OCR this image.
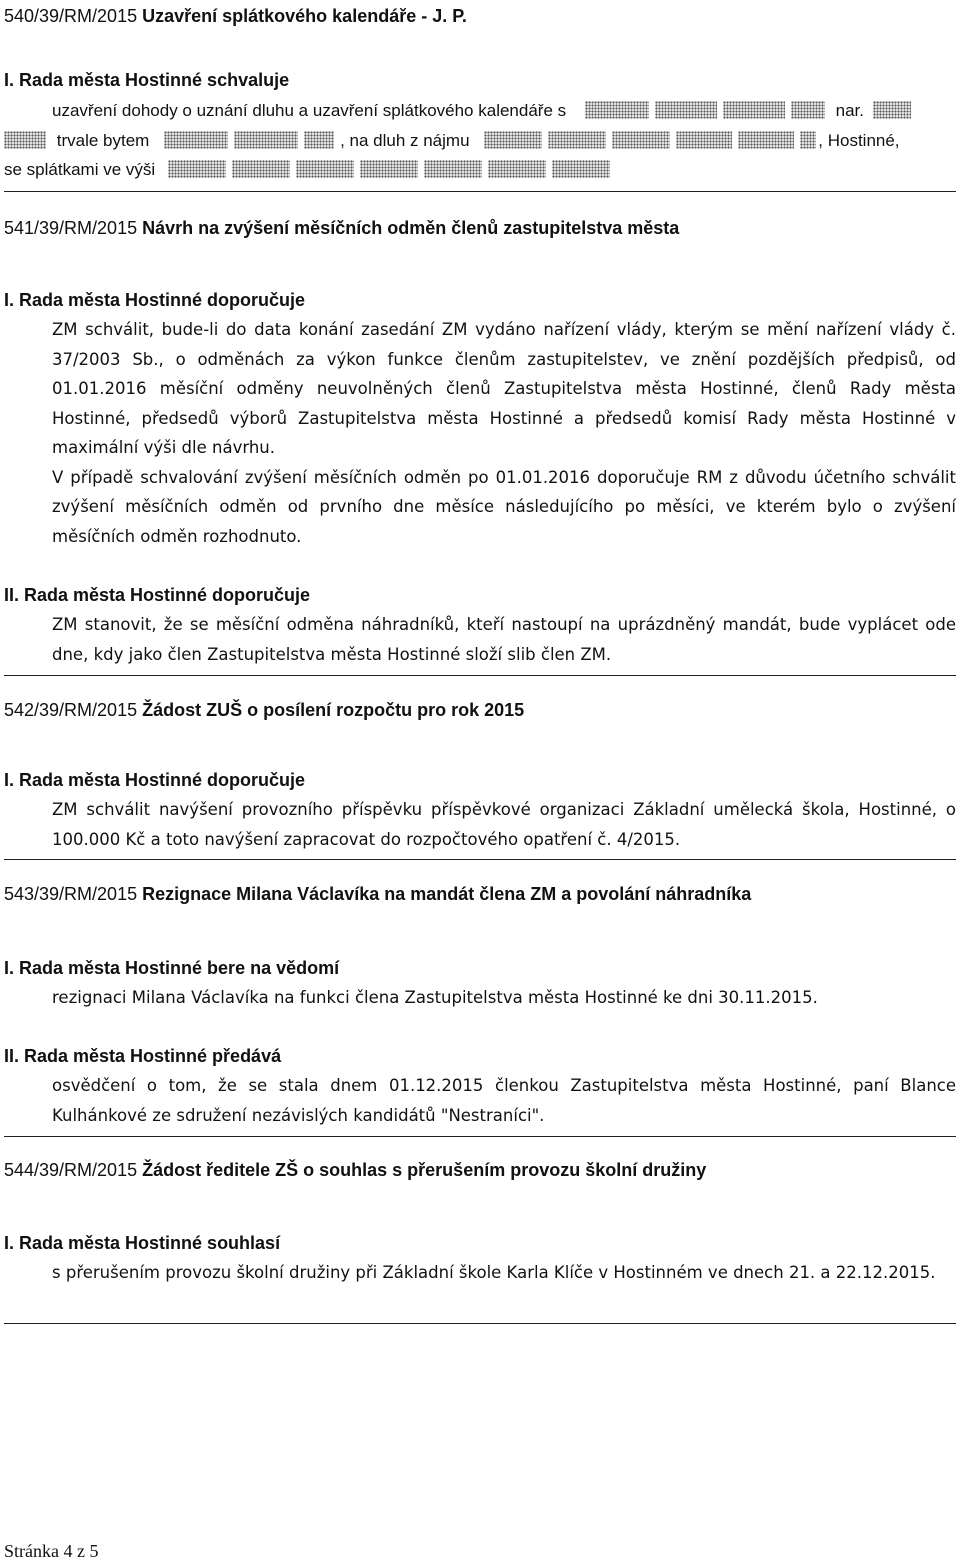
540/39/RM/2015 Uzavření splátkového kalendáře - J. P.
I. Rada města Hostinné schvaluje
uzavření dohody o uznání dluhu a uzavření splátkového kalendáře s	nar.
trvale bytem	, na dluh z nájmu	, Hostinné,
se splátkami ve výši
541/39/RM/2015 Návrh na zvýšení měsíčních odměn členů zastupitelstva města
I. Rada města Hostinné doporučuje

ZM schválit, bude-li do data konání zasedání ZM vydáno nařízení vlády, kterým se mění nařízení vlády č. 37/2003 Sb., o odměnách za výkon funkce členům zastupitelstev, ve znění pozdějších předpisů, od 01.01.2016 měsíční odměny neuvolněných členů Zastupitelstva města Hostinné, členů Rady města Hostinné, předsedů výborů Zastupitelstva města Hostinné a předsedů komisí Rady města Hostinné v maximální výši dle návrhu.

V případě schvalování zvýšení měsíčních odměn po 01.01.2016 doporučuje RM z důvodu účetního schválit zvýšení měsíčních odměn od prvního dne měsíce následujícího po měsíci, ve kterém bylo o zvýšení měsíčních odměn rozhodnuto.

II. Rada města Hostinné doporučuje

ZM stanovit, že se měsíční odměna náhradníků, kteří nastoupí na uprázdněný mandát, bude vyplácet ode dne, kdy jako člen Zastupitelstva města Hostinné složí slib člen ZM.

542/39/RM/2015 Žádost ZUŠ o posílení rozpočtu pro rok 2015
I. Rada města Hostinné doporučuje

ZM schválit navýšení provozního příspěvku příspěvkové organizaci Základní umělecká škola, Hostinné, o 100.000 Kč a toto navýšení zapracovat do rozpočtového opatření č. 4/2015.

543/39/RM/2015 Rezignace Milana Václavíka na mandát člena ZM a povolání náhradníka
I. Rada města Hostinné bere na vědomí

rezignaci Milana Václavíka na funkci člena Zastupitelstva města Hostinné ke dni 30.11.2015.

II. Rada města Hostinné předává

osvědčení o tom, že se stala dnem 01.12.2015 členkou Zastupitelstva města Hostinné, paní Blance Kulhánkové ze sdružení nezávislých kandidátů "Nestraníci".

544/39/RM/2015 Žádost ředitele ZŠ o souhlas s přerušením provozu školní družiny
I. Rada města Hostinné souhlasí

s přerušením provozu školní družiny při Základní škole Karla Klíče v Hostinném ve dnech 21. a 22.12.2015.

Stránka 4 z 5
